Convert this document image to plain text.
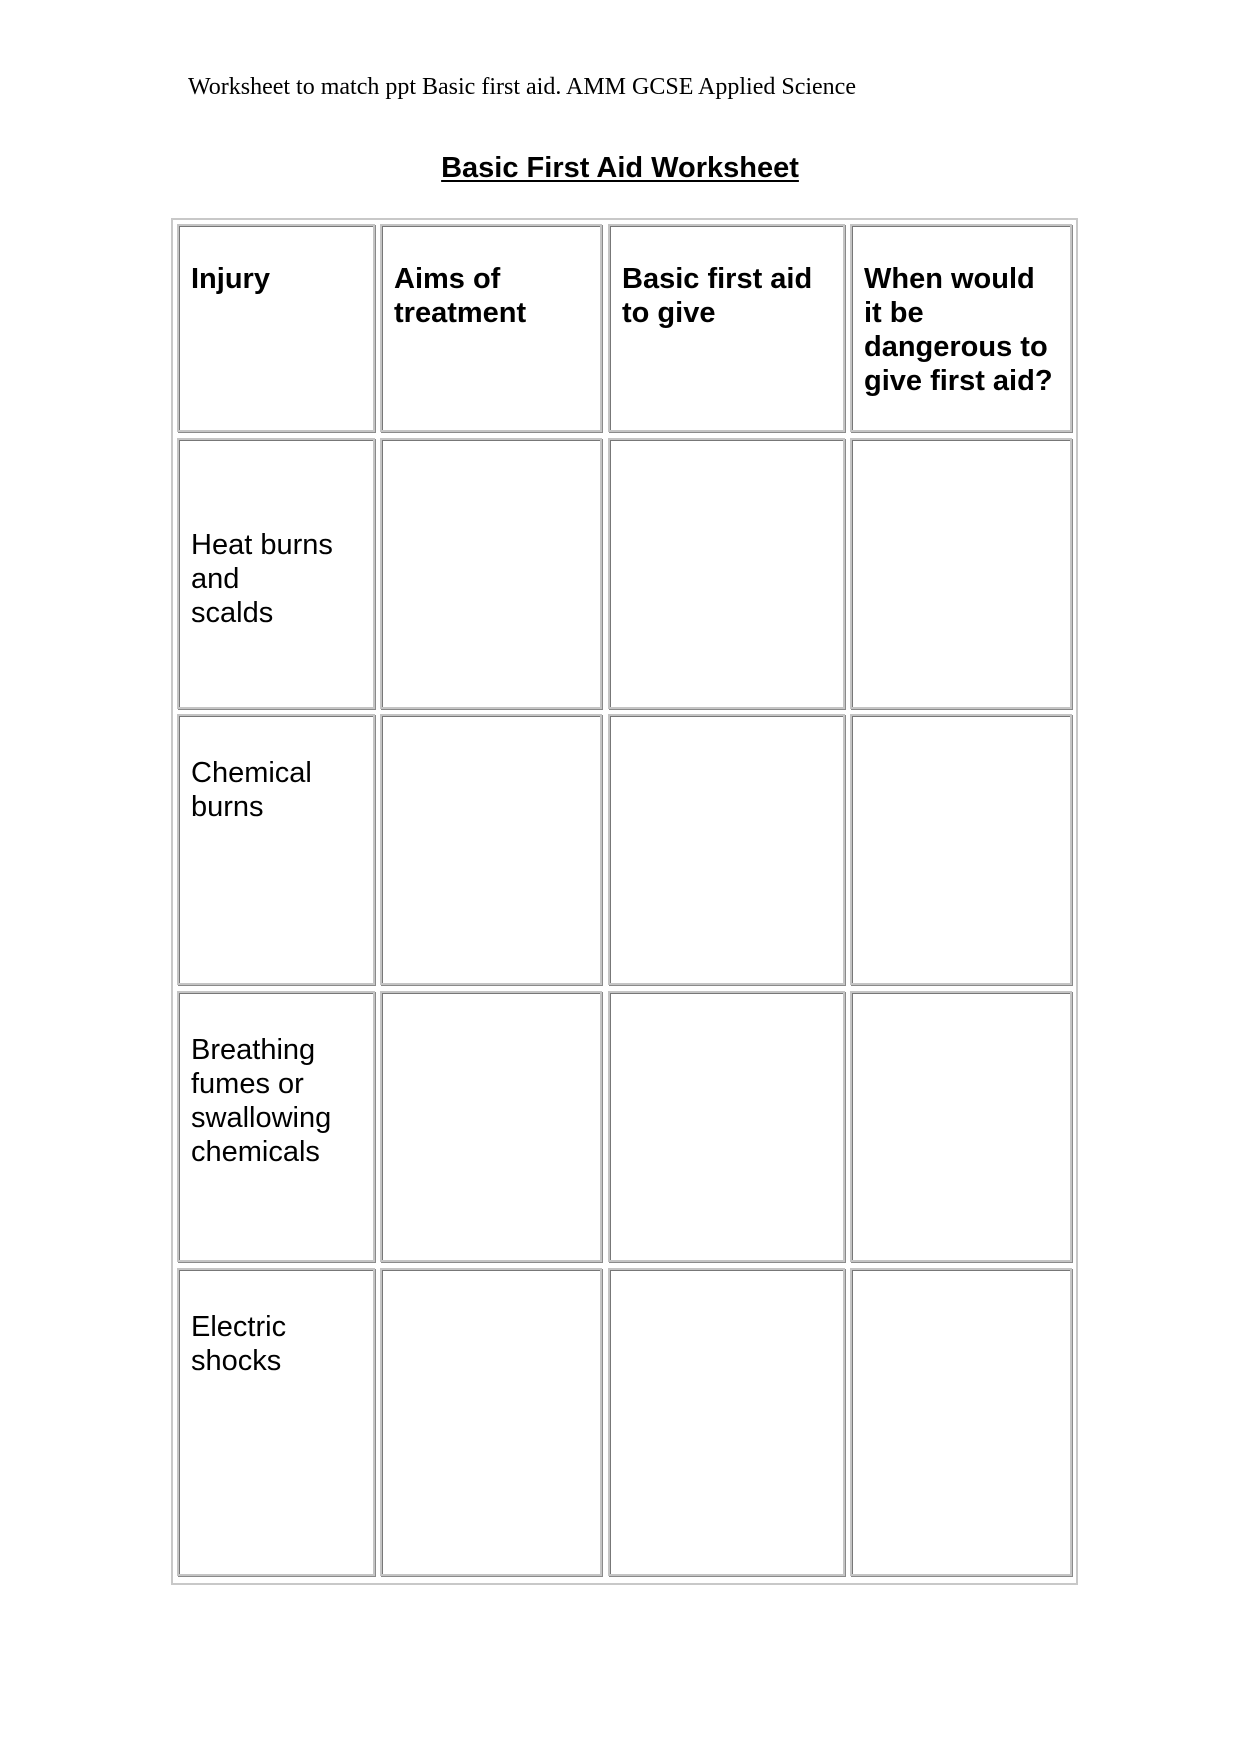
Worksheet to match ppt Basic first aid. AMM GCSE Applied Science
Basic First Aid Worksheet
Injury	Aims of
treatment
Basic first aid
to give
When would
it be
dangerous to
give first aid?
Heat burns
and
scalds
Chemical
burns
Breathing
fumes or
swallowing
chemicals
Electric
shocks
